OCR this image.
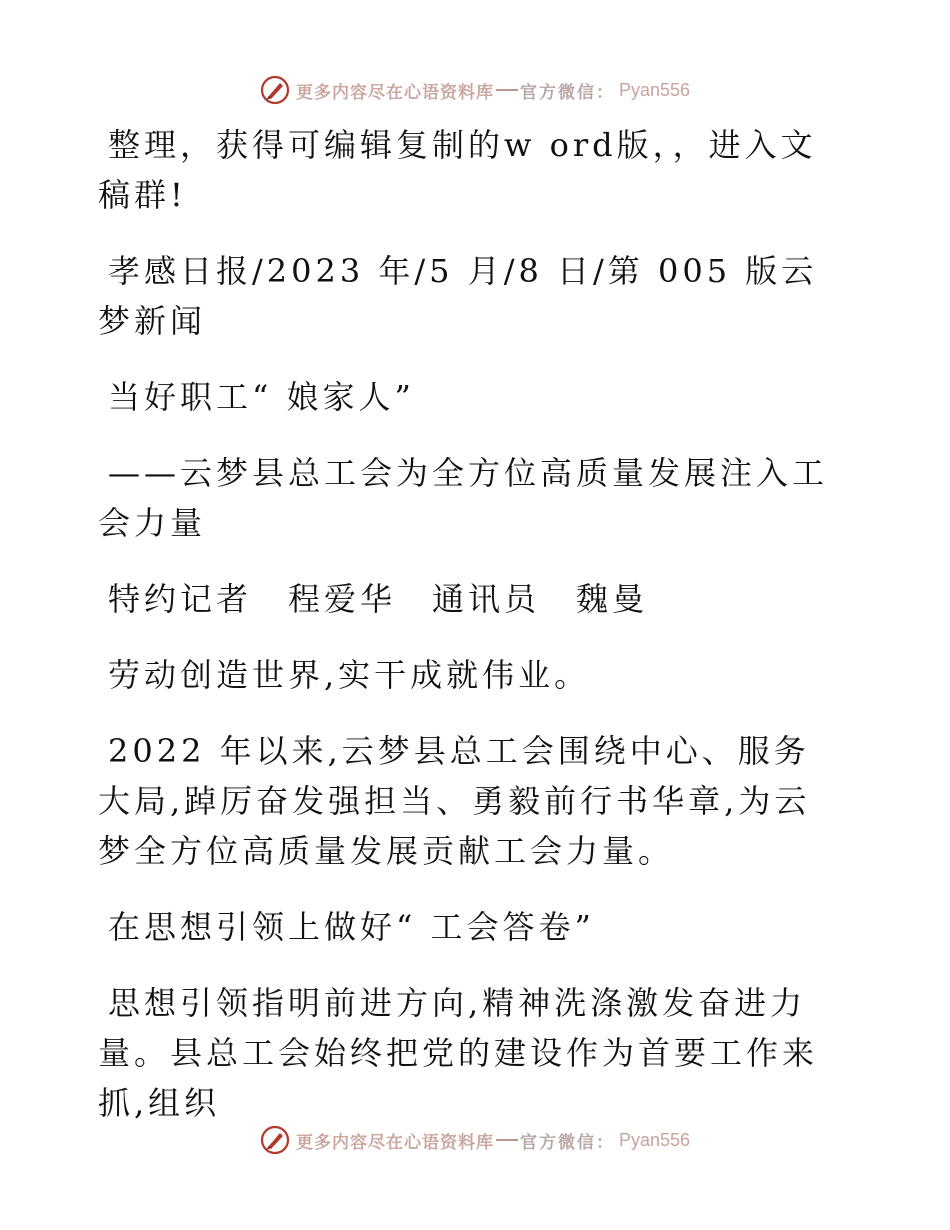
更多内容尽在心语资料库 官方微信： Pyan556

整理，获得可编辑复制的w ord版，，进入文稿群!

孝感日报/2023 年/5 月/8 日/第 005 版云梦新闻

当好职工“ 娘家人”

——云梦县总工会为全方位高质量发展注入工会力量

特约记者　程爱华　通讯员　魏曼

劳动创造世界,实干成就伟业。

2022 年以来,云梦县总工会围绕中心、服务大局,踔厉奋发强担当、勇毅前行书华章,为云梦全方位高质量发展贡献工会力量。

在思想引领上做好“ 工会答卷”

思想引领指明前进方向,精神洗涤激发奋进力量。县总工会始终把党的建设作为首要工作来抓,组织

更多内容尽在心语资料库 官方微信： Pyan556
